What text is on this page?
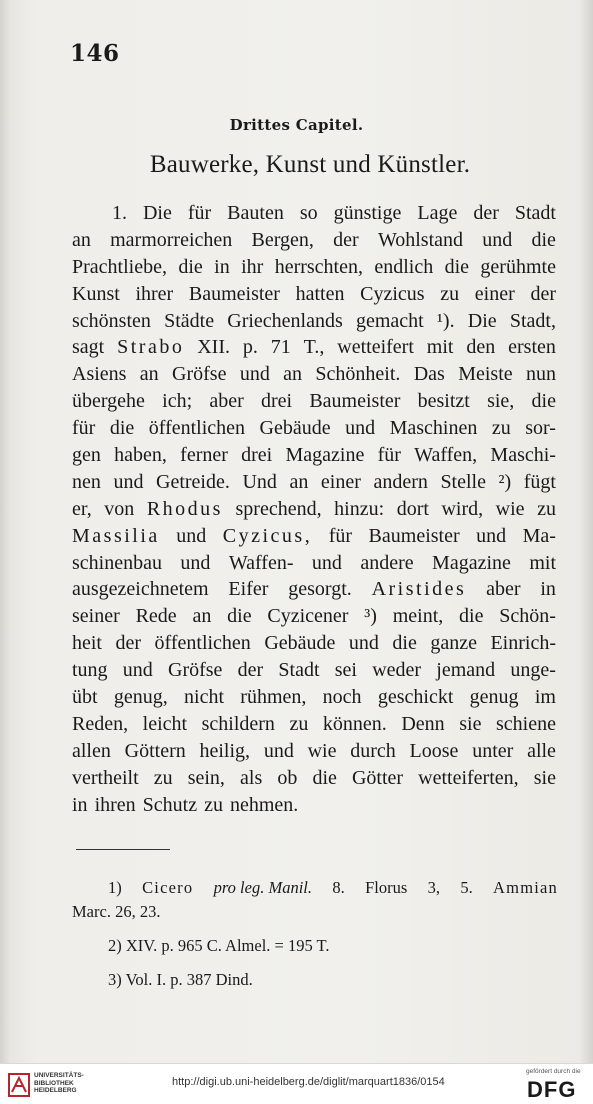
146
Drittes Capitel.
Bauwerke, Kunst und Künstler.
1. Die für Bauten so günstige Lage der Stadt
an marmorreichen Bergen, der Wohlstand und die
Prachtliebe, die in ihr herrschten, endlich die gerühmte
Kunst ihrer Baumeister hatten Cyzicus zu einer der
schönsten Städte Griechenlands gemacht ¹). Die Stadt,
sagt Strabo XII. p. 71 T., wetteifert mit den ersten
Asiens an Gröfse und an Schönheit. Das Meiste nun
übergehe ich; aber drei Baumeister besitzt sie, die
für die öffentlichen Gebäude und Maschinen zu sor-
gen haben, ferner drei Magazine für Waffen, Maschi-
nen und Getreide. Und an einer andern Stelle ²) fügt
er, von Rhodus sprechend, hinzu: dort wird, wie zu
Massilia und Cyzicus, für Baumeister und Ma-
schinenbau und Waffen- und andere Magazine mit
ausgezeichnetem Eifer gesorgt. Aristides aber in
seiner Rede an die Cyzicener ³) meint, die Schön-
heit der öffentlichen Gebäude und die ganze Einrich-
tung und Gröfse der Stadt sei weder jemand unge-
übt genug, nicht rühmen, noch geschickt genug im
Reden, leicht schildern zu können. Denn sie schiene
allen Göttern heilig, und wie durch Loose unter alle
vertheilt zu sein, als ob die Götter wetteiferten, sie
in ihren Schutz zu nehmen.
1) Cicero pro leg. Manil. 8. Florus 3, 5. Ammian
Marc. 26, 23.
2) XIV. p. 965 C. Almel. = 195 T.
3) Vol. I. p. 387 Dind.
UNIVERSITÄTS-
BIBLIOTHEK
HEIDELBERG
http://digi.ub.uni-heidelberg.de/diglit/marquart1836/0154
gefördert durch die
DFG
